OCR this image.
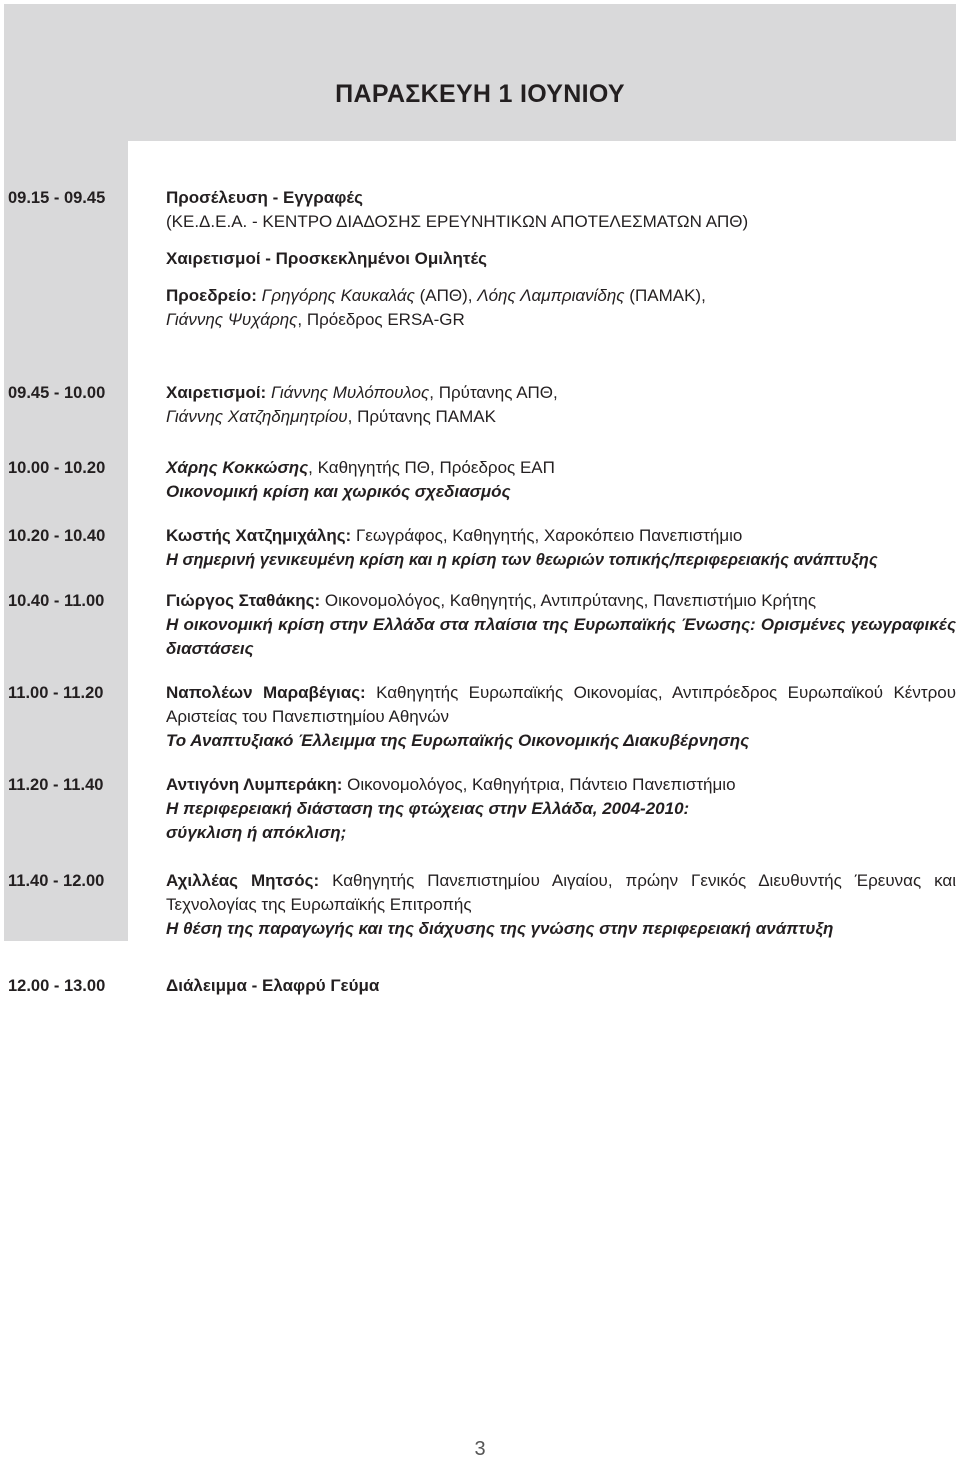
ΠΑΡΑΣΚΕΥΗ 1 ΙΟΥΝΙΟΥ
09.15 - 09.45	Προσέλευση - Εγγραφές
(ΚΕ.Δ.Ε.Α. - ΚΕΝΤΡΟ ΔΙΑΔΟΣΗΣ ΕΡΕΥΝΗΤΙΚΩΝ ΑΠΟΤΕΛΕΣΜΑΤΩΝ ΑΠΘ)
Χαιρετισμοί - Προσκεκλημένοι Ομιλητές
Προεδρείο: Γρηγόρης Καυκαλάς (ΑΠΘ), Λόης Λαμπριανίδης (ΠΑΜΑΚ),
Γιάννης Ψυχάρης, Πρόεδρος ERSA-GR
09.45 - 10.00	Χαιρετισμοί: Γιάννης Μυλόπουλος, Πρύτανης ΑΠΘ,
Γιάννης Χατζηδημητρίου, Πρύτανης ΠΑΜΑΚ
10.00 - 10.20	Χάρης Κοκκώσης, Καθηγητής ΠΘ, Πρόεδρος ΕΑΠ
Οικονομική κρίση και χωρικός σχεδιασμός
10.20 - 10.40	Κωστής Χατζημιχάλης: Γεωγράφος, Καθηγητής, Χαροκόπειο Πανεπιστήμιο
Η σημερινή γενικευμένη κρίση και η κρίση των θεωριών τοπικής/περιφερειακής ανάπτυξης
10.40 - 11.00	Γιώργος Σταθάκης: Οικονομολόγος, Καθηγητής, Αντιπρύτανης, Πανεπιστήμιο Κρήτης
Η οικονομική κρίση στην Ελλάδα στα πλαίσια της Ευρωπαϊκής Ένωσης: Ορισμένες γεωγραφικές διαστάσεις
11.00 - 11.20	Ναπολέων Μαραβέγιας: Καθηγητής Ευρωπαϊκής Οικονομίας, Αντιπρόεδρος Ευρωπαϊκού Κέντρου Αριστείας του Πανεπιστημίου Αθηνών
Το Αναπτυξιακό Έλλειμμα της Ευρωπαϊκής Οικονομικής Διακυβέρνησης
11.20 - 11.40	Αντιγόνη Λυμπεράκη: Οικονομολόγος, Καθηγήτρια, Πάντειο Πανεπιστήμιο
Η περιφερειακή διάσταση της φτώχειας στην Ελλάδα, 2004-2010:
σύγκλιση ή απόκλιση;
11.40 - 12.00	Αχιλλέας Μητσός: Καθηγητής Πανεπιστημίου Αιγαίου, πρώην Γενικός Διευθυντής Έρευνας και Τεχνολογίας της Ευρωπαϊκής Επιτροπής
Η θέση της παραγωγής και της διάχυσης της γνώσης στην περιφερειακή ανάπτυξη
12.00 - 13.00	Διάλειμμα - Ελαφρύ Γεύμα
3
